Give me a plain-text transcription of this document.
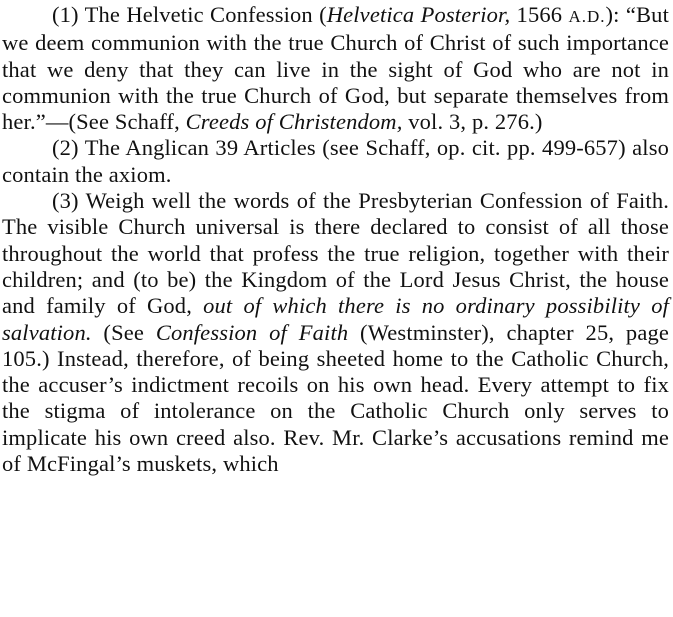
(1) The Helvetic Confession (Helvetica Posterior, 1566 A.D.): “But we deem communion with the true Church of Christ of such importance that we deny that they can live in the sight of God who are not in communion with the true Church of God, but separate themselves from her.”—(See Schaff, Creeds of Christendom, vol. 3, p. 276.)

(2) The Anglican 39 Articles (see Schaff, op. cit. pp. 499-657) also contain the axiom.

(3) Weigh well the words of the Presbyterian Confession of Faith. The visible Church universal is there declared to consist of all those throughout the world that profess the true religion, together with their children; and (to be) the Kingdom of the Lord Jesus Christ, the house and family of God, out of which there is no ordinary possibility of salvation. (See Confession of Faith (Westminster), chapter 25, page 105.) Instead, therefore, of being sheeted home to the Catholic Church, the accuser’s indictment recoils on his own head. Every attempt to fix the stigma of intolerance on the Catholic Church only serves to implicate his own creed also. Rev. Mr. Clarke’s accusations remind me of McFingal’s muskets, which
